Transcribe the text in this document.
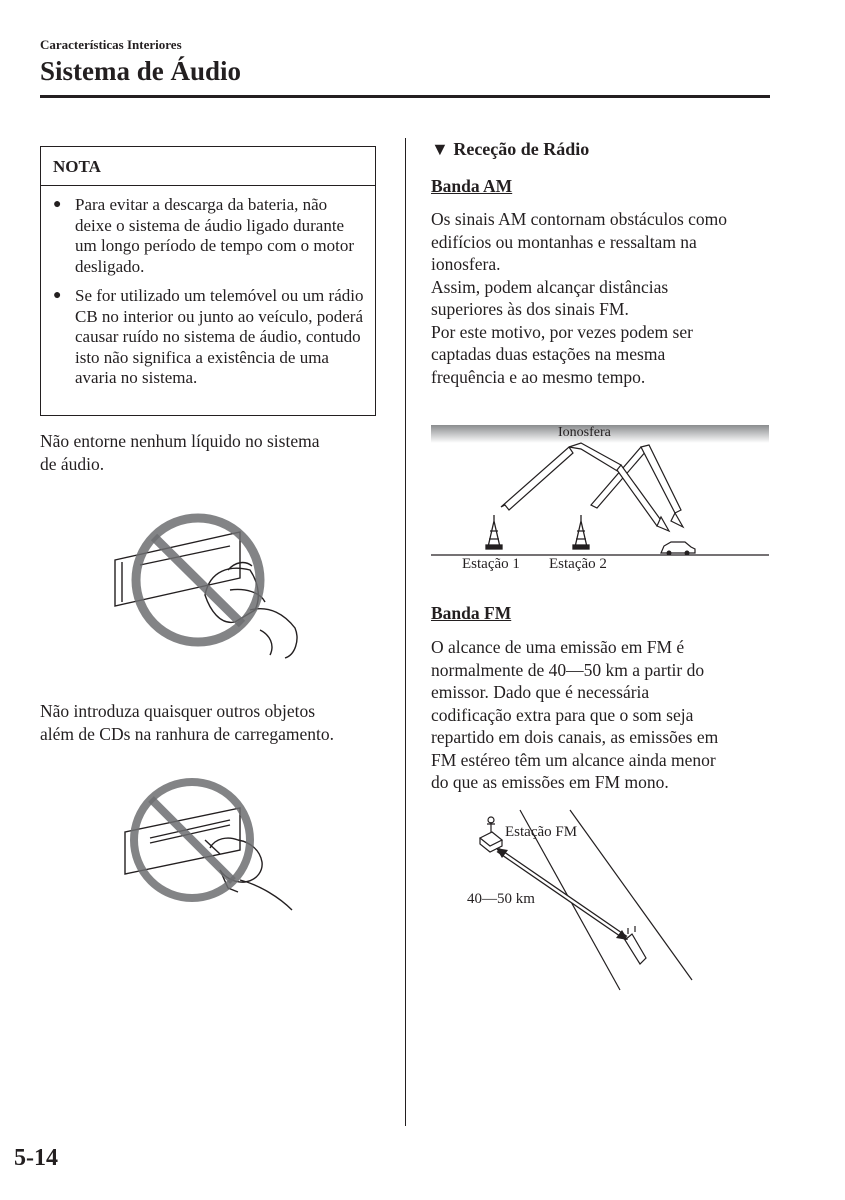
Características Interiores
Sistema de Áudio
NOTA
● Para evitar a descarga da bateria, não deixe o sistema de áudio ligado durante um longo período de tempo com o motor desligado.
● Se for utilizado um telemóvel ou um rádio CB no interior ou junto ao veículo, poderá causar ruído no sistema de áudio, contudo isto não significa a existência de uma avaria no sistema.
Não entorne nenhum líquido no sistema
de áudio.
Não introduza quaisquer outros objetos
além de CDs na ranhura de carregamento.
▼ Receção de Rádio
Banda AM
Os sinais AM contornam obstáculos como
edifícios ou montanhas e ressaltam na
ionosfera.
Assim, podem alcançar distâncias
superiores às dos sinais FM.
Por este motivo, por vezes podem ser
captadas duas estações na mesma
frequência e ao mesmo tempo.
Ionosfera
Estação 1 Estação 2
Banda FM
O alcance de uma emissão em FM é
normalmente de 40—50 km a partir do
emissor. Dado que é necessária
codificação extra para que o som seja
repartido em dois canais, as emissões em
FM estéreo têm um alcance ainda menor
do que as emissões em FM mono.
Estação FM
40—50 km
5-14
